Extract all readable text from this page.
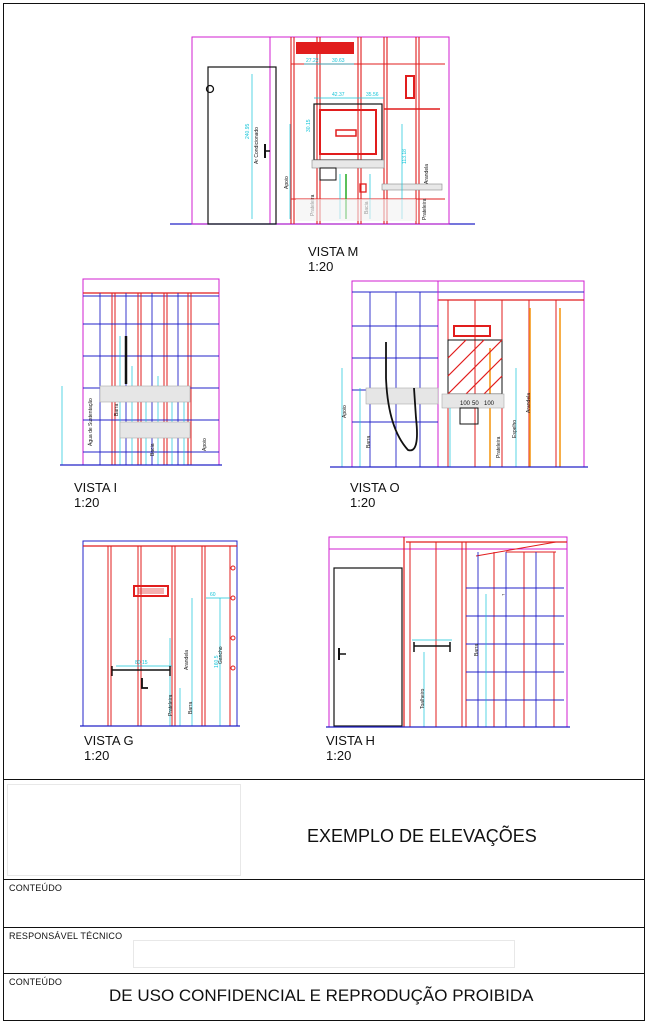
240.95 Ar Condicionado
27.22	30.63
42.37	35.56
30.15
113.18
Apoio	Arandela
Prateleira
VISTA M
1:20
Água de Sustentação	Barra
Bacia	Apoio
VISTA I
1:20
100 50 100
Apoio
Barra	Prateleira
Espelho
Arandela
VISTA O
1:20
60
80.15	160.5
Arandela	Gancho
Prateleira	Barra
VISTA G
1:20
Toalheiro
Barra
⌐
VISTA H
1:20
EXEMPLO DE ELEVAÇÕES
CONTEÚDO
RESPONSÁVEL TÉCNICO
CONTEÚDO
DE USO CONFIDENCIAL E REPRODUÇÃO PROIBIDA
